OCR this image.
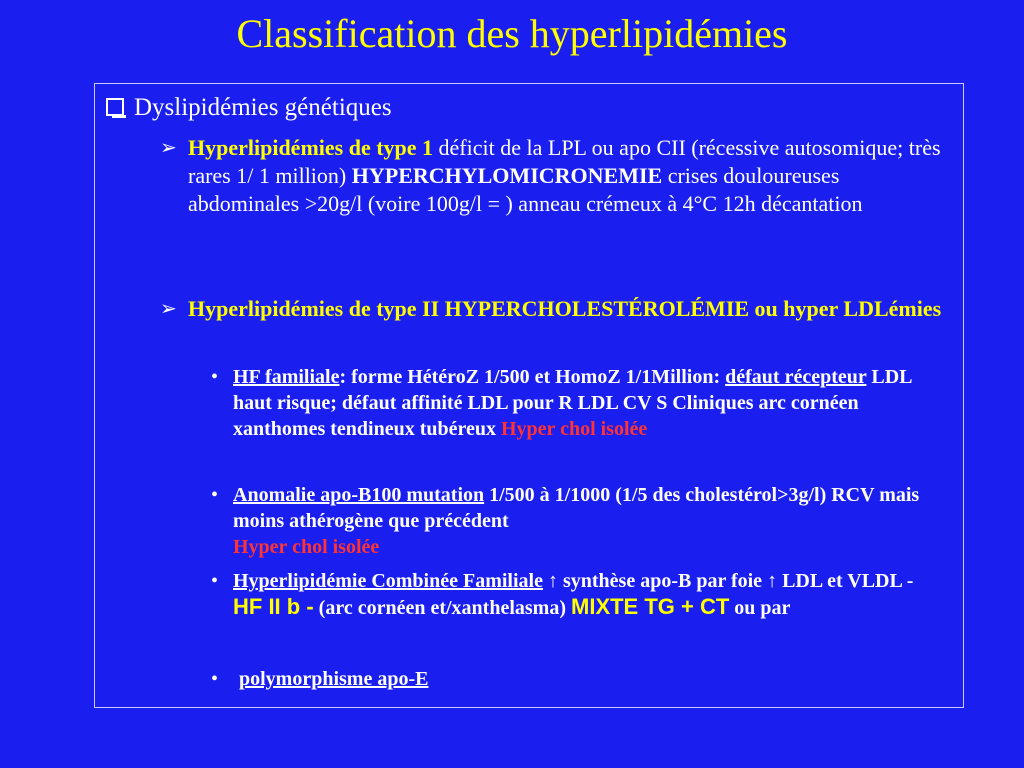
Classification des hyperlipidémies
Dyslipidémies génétiques
➢ Hyperlipidémies de type 1 déficit de la LPL ou apo CII (récessive autosomique; très rares 1/ 1 million) HYPERCHYLOMICRONEMIE crises douloureuses abdominales >20g/l (voire 100g/l = ) anneau crémeux à 4°C 12h décantation
➢ Hyperlipidémies de type II HYPERCHOLESTÉROLÉMIE ou hyper LDLémies
• HF familiale: forme HétéroZ 1/500 et HomoZ 1/1Million: défaut récepteur LDL haut risque; défaut affinité LDL pour R LDL CV S Cliniques arc cornéen xanthomes tendineux tubéreux Hyper chol isolée
• Anomalie apo-B100 mutation 1/500 à 1/1000 (1/5 des cholestérol>3g/l) RCV mais moins athérogène que précédent
Hyper chol isolée
• Hyperlipidémie Combinée Familiale ↑ synthèse apo-B par foie ↑ LDL et VLDL - HF II b - (arc cornéen et/xanthelasma) MIXTE TG + CT ou par
• polymorphisme apo-E
